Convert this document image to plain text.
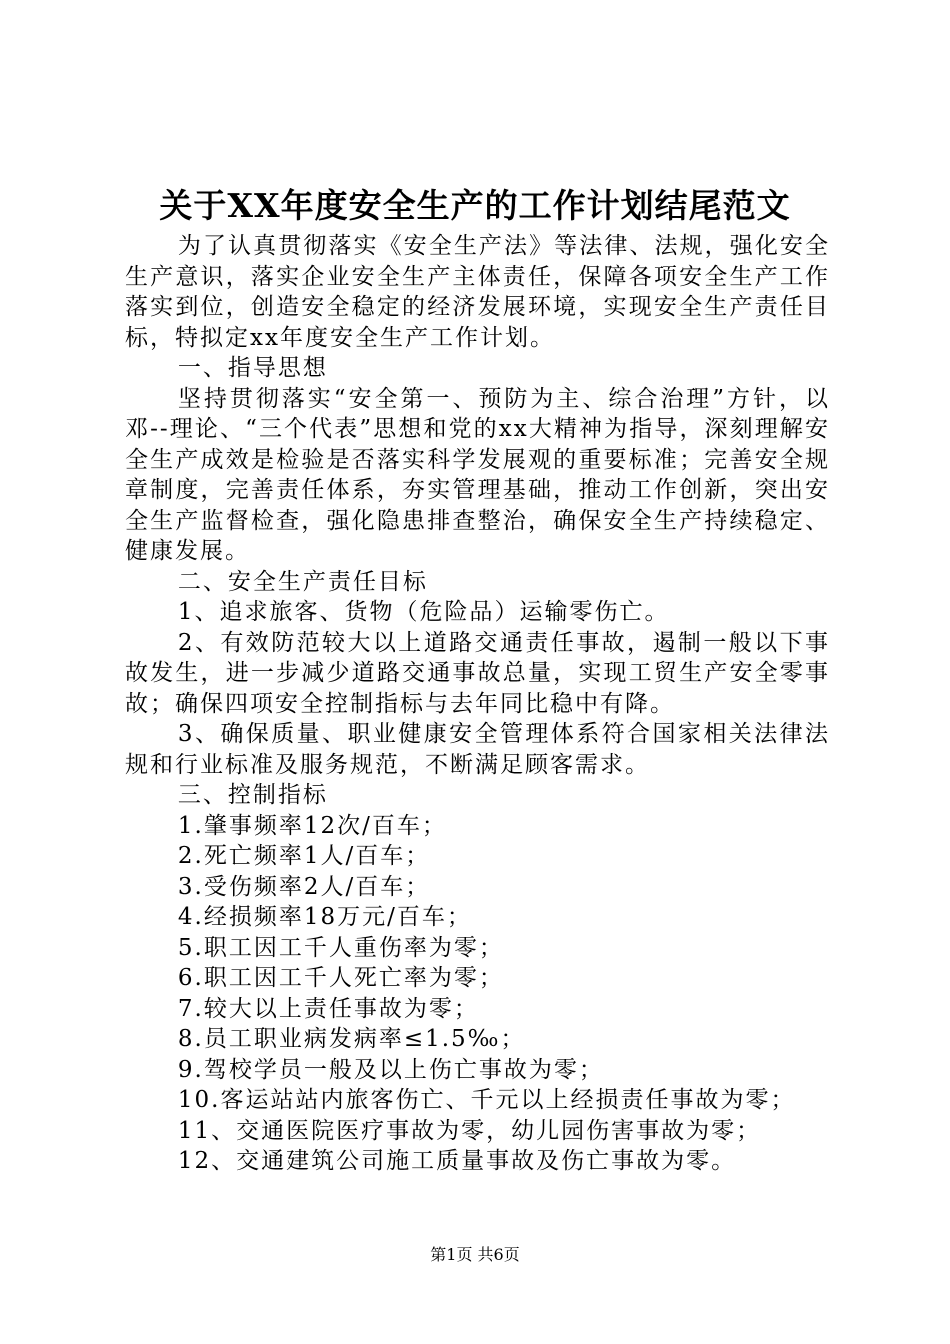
关于XX年度安全生产的工作计划结尾范文

为了认真贯彻落实《安全生产法》等法律、法规，强化安全生产意识，落实企业安全生产主体责任，保障各项安全生产工作落实到位，创造安全稳定的经济发展环境，实现安全生产责任目标，特拟定xx年度安全生产工作计划。

一、指导思想

坚持贯彻落实“安全第一、预防为主、综合治理”方针，以邓--理论、“三个代表”思想和党的xx大精神为指导，深刻理解安全生产成效是检验是否落实科学发展观的重要标准；完善安全规章制度，完善责任体系，夯实管理基础，推动工作创新，突出安全生产监督检查，强化隐患排查整治，确保安全生产持续稳定、健康发展。

二、安全生产责任目标

1、追求旅客、货物（危险品）运输零伤亡。

2、有效防范较大以上道路交通责任事故，遏制一般以下事故发生，进一步减少道路交通事故总量，实现工贸生产安全零事故；确保四项安全控制指标与去年同比稳中有降。

3、确保质量、职业健康安全管理体系符合国家相关法律法规和行业标准及服务规范，不断满足顾客需求。

三、控制指标

1.肇事频率12次/百车；

2.死亡频率1人/百车；

3.受伤频率2人/百车；

4.经损频率18万元/百车；

5.职工因工千人重伤率为零；

6.职工因工千人死亡率为零；

7.较大以上责任事故为零；

8.员工职业病发病率≤1.5‰；

9.驾校学员一般及以上伤亡事故为零；

10.客运站站内旅客伤亡、千元以上经损责任事故为零；

11、交通医院医疗事故为零，幼儿园伤害事故为零；

12、交通建筑公司施工质量事故及伤亡事故为零。

第1页 共6页
